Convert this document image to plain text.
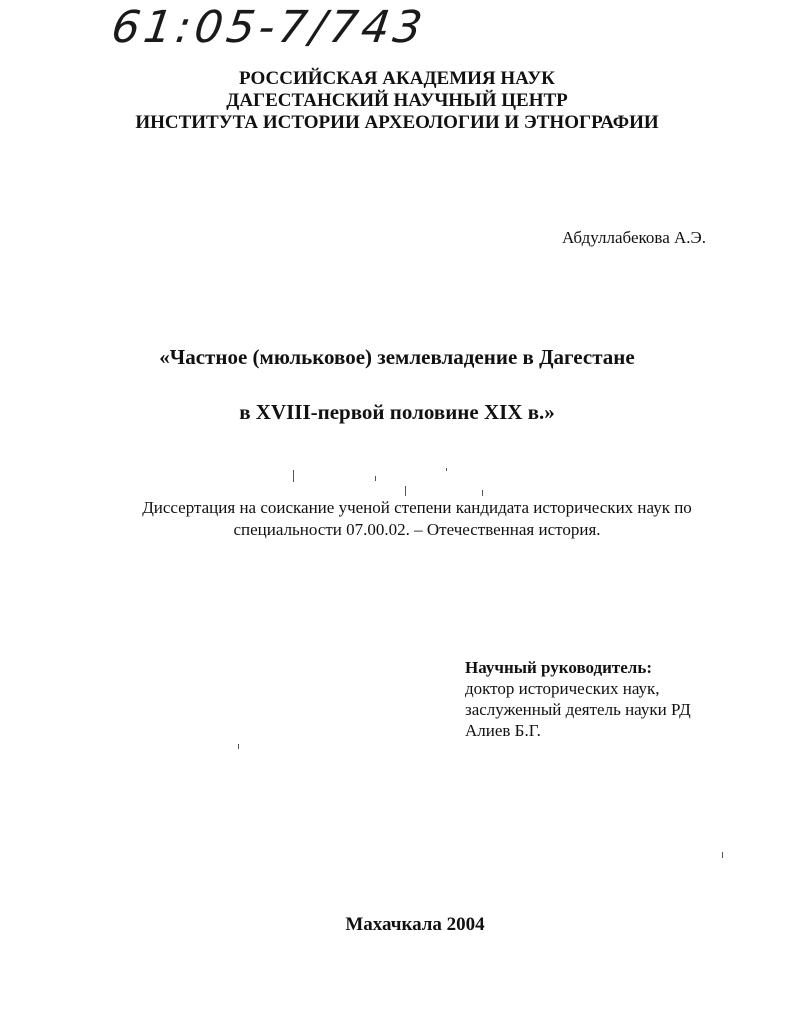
61:05-7/743
РОССИЙСКАЯ АКАДЕМИЯ НАУК
ДАГЕСТАНСКИЙ НАУЧНЫЙ ЦЕНТР
ИНСТИТУТА ИСТОРИИ АРХЕОЛОГИИ И ЭТНОГРАФИИ
Абдуллабекова А.Э.
«Частное (мюльковое) землевладение в Дагестане
в XVIII-первой половине XIX в.»
Диссертация на соискание ученой степени кандидата исторических наук по
специальности 07.00.02. – Отечественная история.
Научный руководитель:
доктор исторических наук,
заслуженный деятель науки РД
Алиев Б.Г.
Махачкала 2004
